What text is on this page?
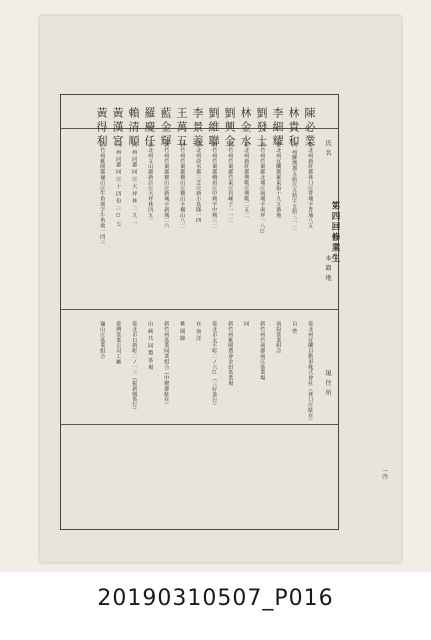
氏 名
本 籍 地
現 住 所
陳必業
臺北州新莊郡林口庄菁埔字菁埔八五
臺北州宜蘭自動車株式會社（林口庄駐在）
林貴和
同 州蘇澳郡五結庄五結字五結三一二
自 營
李細耀
臺北州宜蘭郡羅東街十九五番地
南投茶業組合
劉發土
新竹州竹東郡北埔庄南埔字南坪一八○
新竹州竹南郡南庄茶業場
林金水
臺北州新莊郡鶯歌庄鶯歌二五二
同
劉興金
新竹州竹東郡竹東庄員崠子一一二
新竹州桃園農會金田茶業場
劉維聯
新竹州竹東郡峨眉庄中興字中興三二
臺北市太平町二ノ六○（三好茶行）
李景義
臺北州淡水郡三芝庄新小基隆一四
在 南 洋
王萬五
新竹州竹東郡橫山庄橫山字橫山八二
桃 園 驛
藍金輝
新竹州竹東郡寶山庄新城字新城二六
新竹州茶業同業組合（中壢郡駐在）
羅慶任
臺北州文山郡新店庄大坪林四五一
山 峽 共 同 製 茶 場
賴清順
同 州 同郡 同 庄 大 坪 林 二 九 一
臺北市日新町二ノ一三（振新號茶行）
黃漢宮
同 州 同郡 同 庄 十 四 份 三 ○ 七
臺灣茶業公司工廠
黃得利
新竹州桃園郡龜山庄牛角坡字牛角坡一四三
龜山庄茶業組合
第四回修業生
一四
20190310507_P016
